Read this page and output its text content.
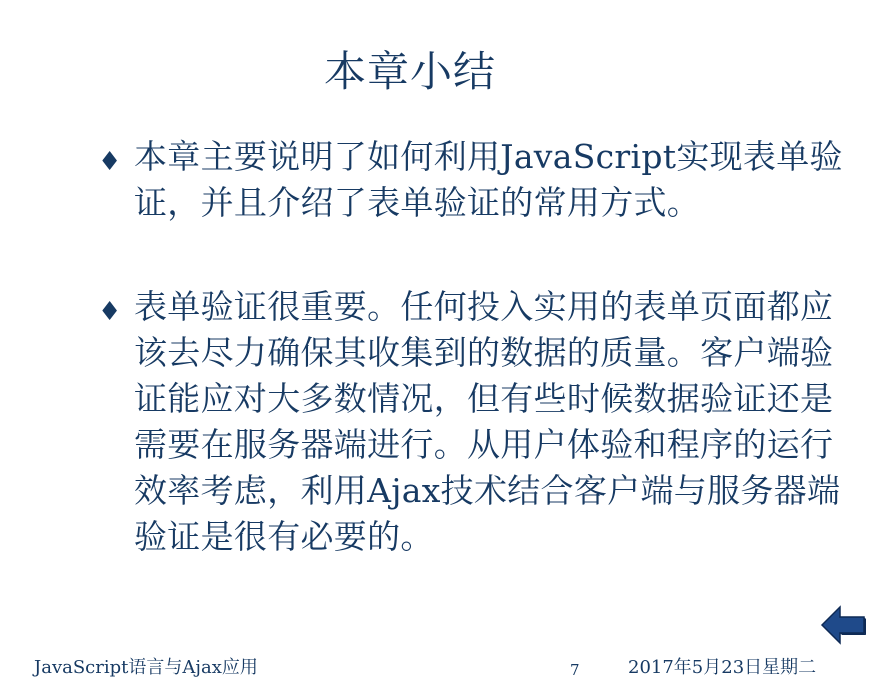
本章小结
♦ 本章主要说明了如何利用JavaScript实现表单验证，并且介绍了表单验证的常用方式。
♦ 表单验证很重要。任何投入实用的表单页面都应该去尽力确保其收集到的数据的质量。客户端验证能应对大多数情况，但有些时候数据验证还是需要在服务器端进行。从用户体验和程序的运行效率考虑，利用Ajax技术结合客户端与服务器端验证是很有必要的。
JavaScript语言与Ajax应用	7	2017年5月23日星期二
